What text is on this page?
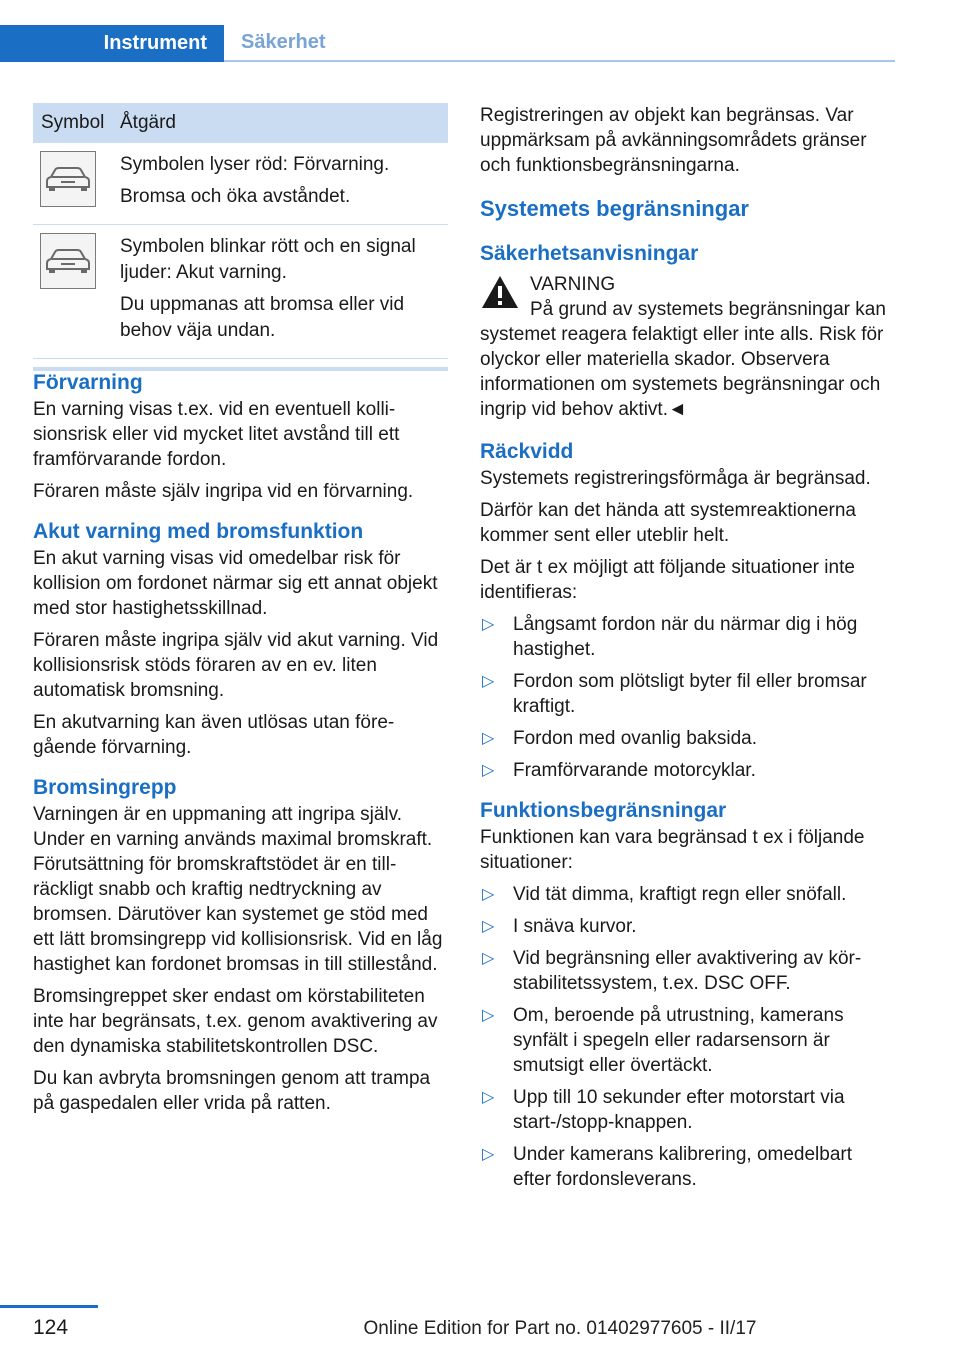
Instrument	Säkerhet
Symbol Åtgärd

Symbolen lyser röd: Förvarning.

Bromsa och öka avståndet.

Symbolen blinkar rött och en signal ljuder: Akut varning.

Du uppmanas att bromsa eller vid behov väja undan.

Förvarning

En varning visas t.ex. vid en eventuell kollisionsrisk eller vid mycket litet avstånd till ett framförvarande fordon.

Föraren måste själv ingripa vid en förvarning.

Akut varning med bromsfunktion

En akut varning visas vid omedelbar risk för kollision om fordonet närmar sig ett annat objekt med stor hastighetsskillnad.

Föraren måste ingripa själv vid akut varning. Vid kollisionsrisk stöds föraren av en ev. liten automatisk bromsning.

En akutvarning kan även utlösas utan föregående förvarning.

Bromsingrepp

Varningen är en uppmaning att ingripa själv. Under en varning används maximal bromskraft. Förutsättning för bromskraftstödet är en tillräckligt snabb och kraftig nedtryckning av bromsen. Därutöver kan systemet ge stöd med ett lätt bromsingrepp vid kollisionsrisk. Vid en låg hastighet kan fordonet bromsas in till stillestånd.

Bromsingreppet sker endast om körstabiliteten inte har begränsats, t.ex. genom avaktivering av den dynamiska stabilitetskontrollen DSC.

Du kan avbryta bromsningen genom att trampa på gaspedalen eller vrida på ratten.

Registreringen av objekt kan begränsas. Var uppmärksam på avkänningsområdets gränser och funktionsbegränsningarna.

Systemets begränsningar
Säkerhetsanvisningar

VARNING

På grund av systemets begränsningar kan systemet reagera felaktigt eller inte alls. Risk för olyckor eller materiella skador. Observera informationen om systemets begränsningar och ingrip vid behov aktivt.◄

Räckvidd

Systemets registreringsförmåga är begränsad.

Därför kan det hända att systemreaktionerna kommer sent eller uteblir helt.

Det är t ex möjligt att följande situationer inte identifieras:

▷ Långsamt fordon när du närmar dig i hög hastighet.
▷ Fordon som plötsligt byter fil eller bromsar kraftigt.
▷ Fordon med ovanlig baksida.
▷ Framförvarande motorcyklar.
Funktionsbegränsningar

Funktionen kan vara begränsad t ex i följande situationer:

▷ Vid tät dimma, kraftigt regn eller snöfall.
▷ I snäva kurvor.
▷ Vid begränsning eller avaktivering av körstabilitetssystem, t.ex. DSC OFF.
▷ Om, beroende på utrustning, kamerans synfält i spegeln eller radarsensorn är smutsigt eller övertäckt.
▷ Upp till 10 sekunder efter motorstart via start-/stopp-knappen.
▷ Under kamerans kalibrering, omedelbart efter fordonsleverans.
124	Online Edition for Part no. 01402977605 - II/17
